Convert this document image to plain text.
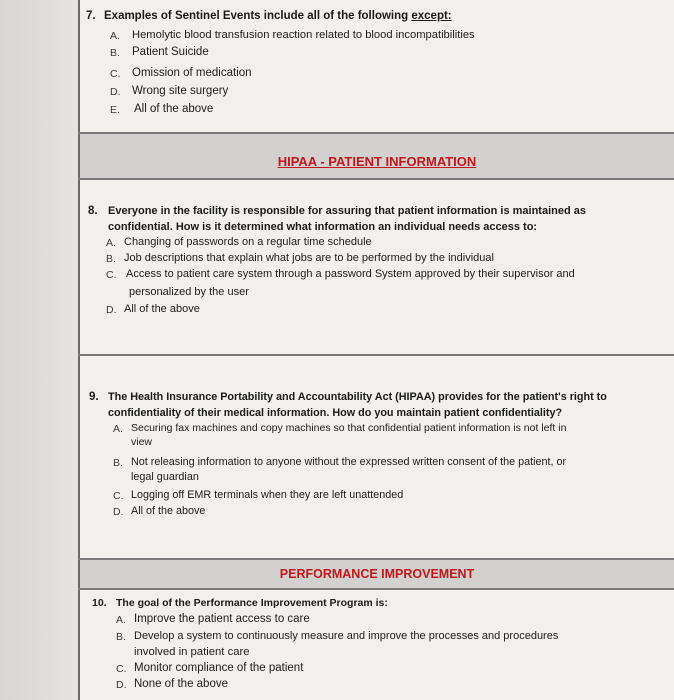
7. Examples of Sentinel Events include all of the following except:
A. Hemolytic blood transfusion reaction related to blood incompatibilities
B. Patient Suicide
C. Omission of medication
D. Wrong site surgery
E. All of the above
HIPAA - PATIENT INFORMATION
8. Everyone in the facility is responsible for assuring that patient information is maintained as
confidential. How is it determined what information an individual needs access to:
A. Changing of passwords on a regular time schedule
B. Job descriptions that explain what jobs are to be performed by the individual
C. Access to patient care system through a password System approved by their supervisor and
personalized by the user
D. All of the above
9. The Health Insurance Portability and Accountability Act (HIPAA) provides for the patient's right to
confidentiality of their medical information. How do you maintain patient confidentiality?
A. Securing fax machines and copy machines so that confidential patient information is not left in
view
B. Not releasing information to anyone without the expressed written consent of the patient, or
legal guardian
C. Logging off EMR terminals when they are left unattended
D. All of the above
PERFORMANCE IMPROVEMENT
10. The goal of the Performance Improvement Program is:
A. Improve the patient access to care
B. Develop a system to continuously measure and improve the processes and procedures
involved in patient care
C. Monitor compliance of the patient
D. None of the above
